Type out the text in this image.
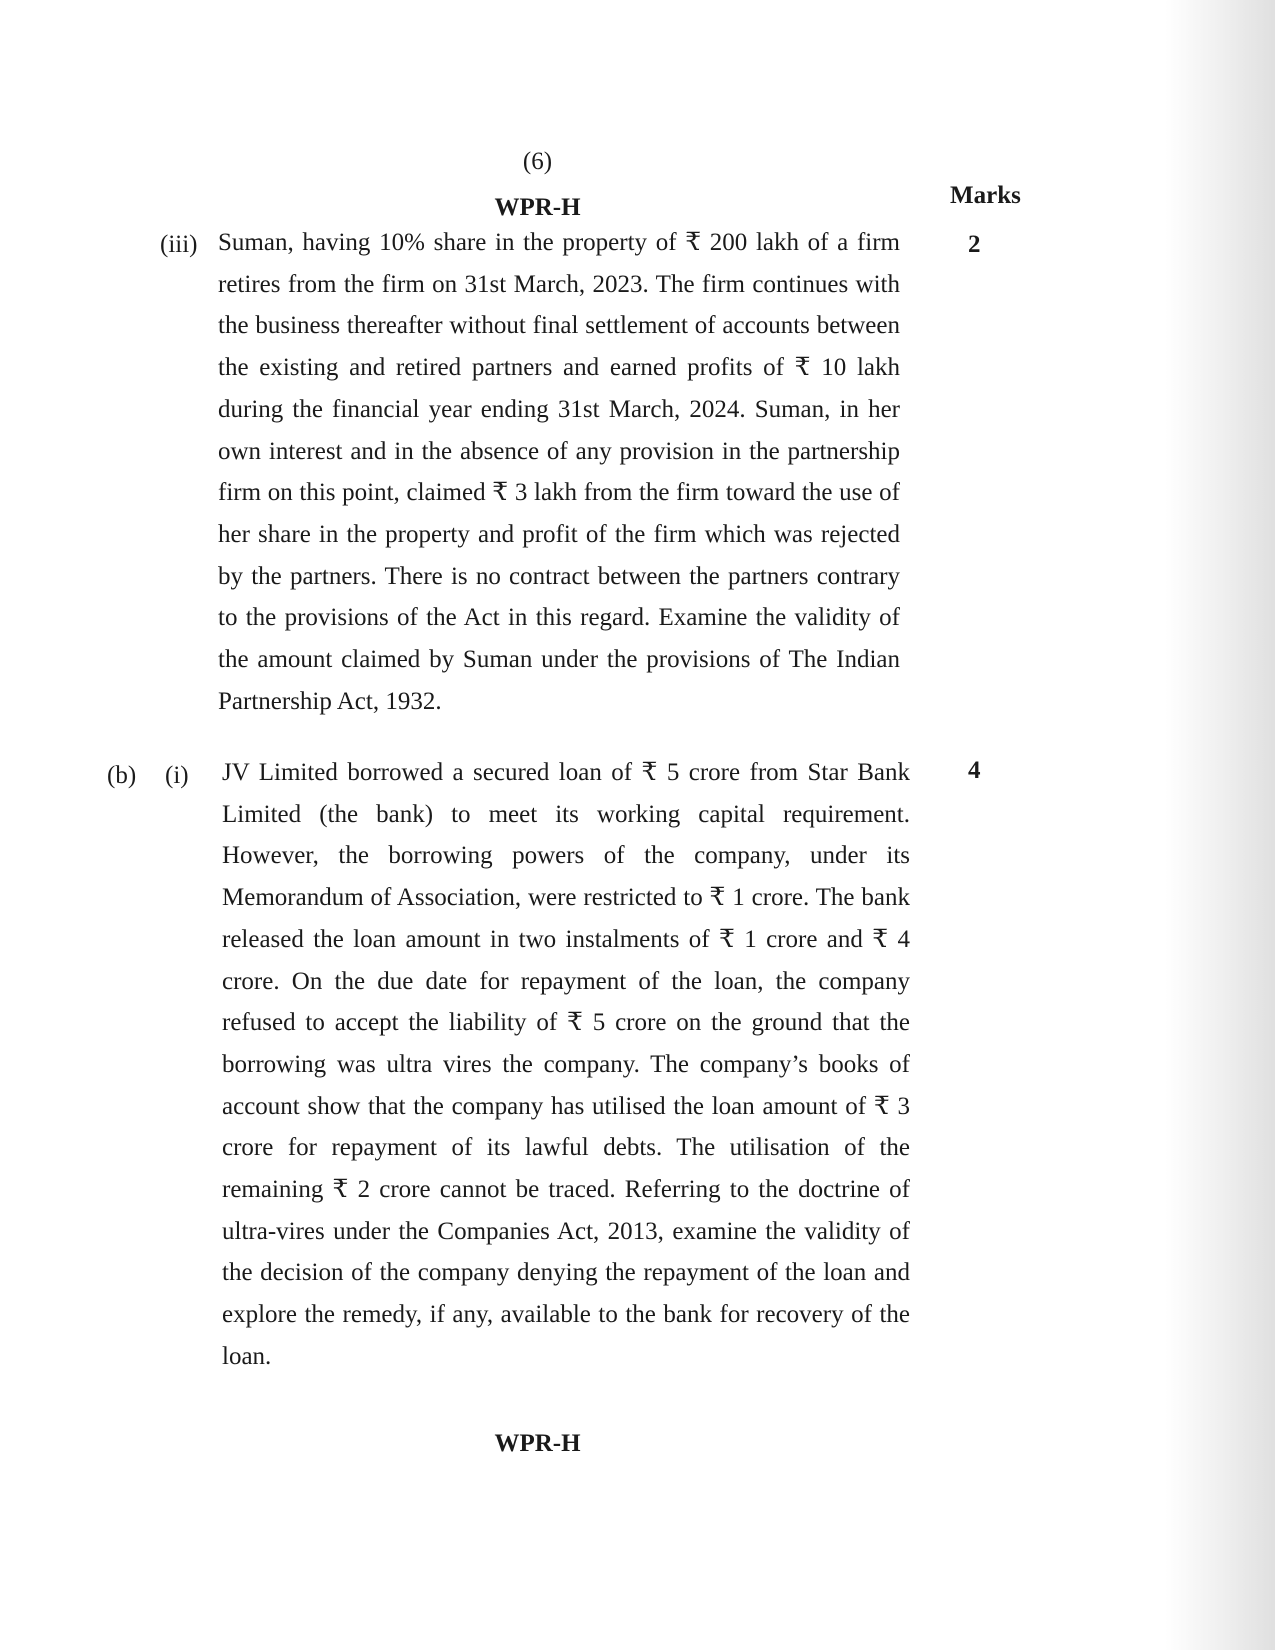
(6)
WPR-H	Marks
(iii)	2

Suman, having 10% share in the property of ₹ 200 lakh of a firm retires from the firm on 31st March, 2023. The firm continues with the business thereafter without final settlement of accounts between the existing and retired partners and earned profits of ₹ 10 lakh during the financial year ending 31st March, 2024. Suman, in her own interest and in the absence of any provision in the partnership firm on this point, claimed ₹ 3 lakh from the firm toward the use of her share in the property and profit of the firm which was rejected by the partners. There is no contract between the partners contrary to the provisions of the Act in this regard. Examine the validity of the amount claimed by Suman under the provisions of The Indian Partnership Act, 1932.

(b) (i)	4

JV Limited borrowed a secured loan of ₹ 5 crore from Star Bank Limited (the bank) to meet its working capital requirement. However, the borrowing powers of the company, under its Memorandum of Association, were restricted to ₹ 1 crore. The bank released the loan amount in two instalments of ₹ 1 crore and ₹ 4 crore. On the due date for repayment of the loan, the company refused to accept the liability of ₹ 5 crore on the ground that the borrowing was ultra vires the company. The company’s books of account show that the company has utilised the loan amount of ₹ 3 crore for repayment of its lawful debts. The utilisation of the remaining ₹ 2 crore cannot be traced. Referring to the doctrine of ultra-vires under the Companies Act, 2013, examine the validity of the decision of the company denying the repayment of the loan and explore the remedy, if any, available to the bank for recovery of the loan.

WPR-H
